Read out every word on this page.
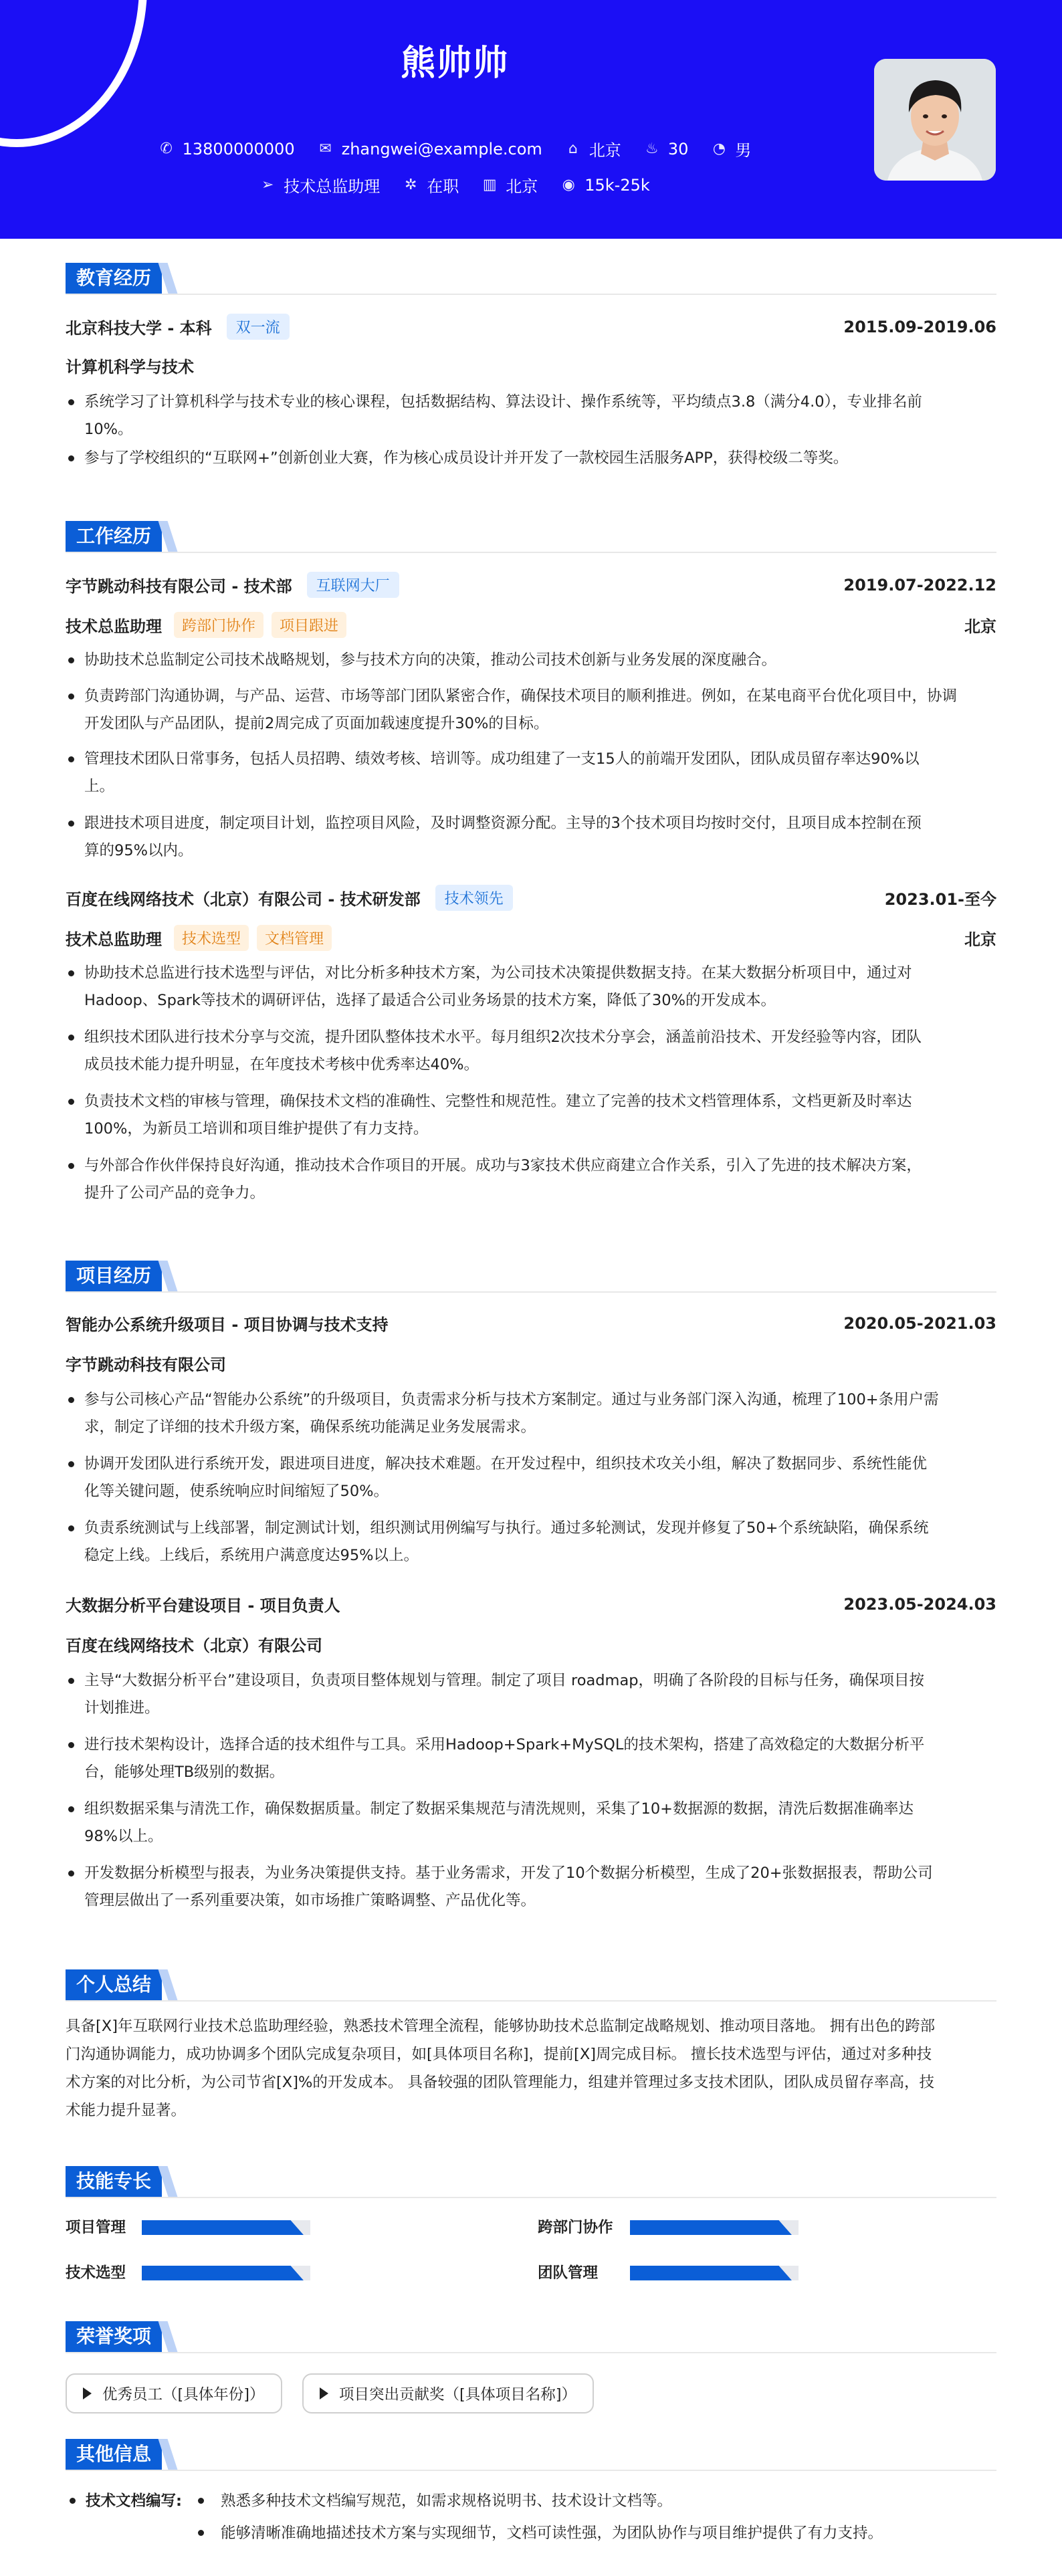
熊帅帅
✆ 13800000000 ✉ zhangwei@example.com ⌂ 北京 ♨ 30 ◔ 男
➢ 技术总监助理 ✲ 在职 ▥ 北京 ◉ 15k-25k
教育经历
北京科技大学 - 本科	双一流	2015.09-2019.06
计算机科学与技术
系统学习了计算机科学与技术专业的核心课程，包括数据结构、算法设计、操作系统等，平均绩点3.8（满分4.0），专业排名前
10%。
参与了学校组织的“互联网+”创新创业大赛，作为核心成员设计并开发了一款校园生活服务APP，获得校级二等奖。
工作经历
字节跳动科技有限公司 - 技术部	互联网大厂	2019.07-2022.12
技术总监助理	跨部门协作	项目跟进	北京
协助技术总监制定公司技术战略规划，参与技术方向的决策，推动公司技术创新与业务发展的深度融合。
负责跨部门沟通协调，与产品、运营、市场等部门团队紧密合作，确保技术项目的顺利推进。例如，在某电商平台优化项目中，协调
开发团队与产品团队，提前2周完成了页面加载速度提升30%的目标。
管理技术团队日常事务，包括人员招聘、绩效考核、培训等。成功组建了一支15人的前端开发团队，团队成员留存率达90%以
上。
跟进技术项目进度，制定项目计划，监控项目风险，及时调整资源分配。主导的3个技术项目均按时交付，且项目成本控制在预
算的95%以内。
百度在线网络技术（北京）有限公司 - 技术研发部	技术领先	2023.01-至今
技术总监助理	技术选型	文档管理	北京
协助技术总监进行技术选型与评估，对比分析多种技术方案，为公司技术决策提供数据支持。在某大数据分析项目中，通过对
Hadoop、Spark等技术的调研评估，选择了最适合公司业务场景的技术方案，降低了30%的开发成本。
组织技术团队进行技术分享与交流，提升团队整体技术水平。每月组织2次技术分享会，涵盖前沿技术、开发经验等内容，团队
成员技术能力提升明显，在年度技术考核中优秀率达40%。
负责技术文档的审核与管理，确保技术文档的准确性、完整性和规范性。建立了完善的技术文档管理体系，文档更新及时率达
100%，为新员工培训和项目维护提供了有力支持。
与外部合作伙伴保持良好沟通，推动技术合作项目的开展。成功与3家技术供应商建立合作关系，引入了先进的技术解决方案，
提升了公司产品的竞争力。
项目经历
智能办公系统升级项目 - 项目协调与技术支持	2020.05-2021.03
字节跳动科技有限公司
参与公司核心产品“智能办公系统”的升级项目，负责需求分析与技术方案制定。通过与业务部门深入沟通，梳理了100+条用户需
求，制定了详细的技术升级方案，确保系统功能满足业务发展需求。
协调开发团队进行系统开发，跟进项目进度，解决技术难题。在开发过程中，组织技术攻关小组，解决了数据同步、系统性能优
化等关键问题，使系统响应时间缩短了50%。
负责系统测试与上线部署，制定测试计划，组织测试用例编写与执行。通过多轮测试，发现并修复了50+个系统缺陷，确保系统
稳定上线。上线后，系统用户满意度达95%以上。
大数据分析平台建设项目 - 项目负责人	2023.05-2024.03
百度在线网络技术（北京）有限公司
主导“大数据分析平台”建设项目，负责项目整体规划与管理。制定了项目 roadmap，明确了各阶段的目标与任务，确保项目按
计划推进。
进行技术架构设计，选择合适的技术组件与工具。采用Hadoop+Spark+MySQL的技术架构，搭建了高效稳定的大数据分析平
台，能够处理TB级别的数据。
组织数据采集与清洗工作，确保数据质量。制定了数据采集规范与清洗规则，采集了10+数据源的数据，清洗后数据准确率达
98%以上。
开发数据分析模型与报表，为业务决策提供支持。基于业务需求，开发了10个数据分析模型，生成了20+张数据报表，帮助公司
管理层做出了一系列重要决策，如市场推广策略调整、产品优化等。
个人总结
具备[X]年互联网行业技术总监助理经验，熟悉技术管理全流程，能够协助技术总监制定战略规划、推动项目落地。 拥有出色的跨部
门沟通协调能力，成功协调多个团队完成复杂项目，如[具体项目名称]，提前[X]周完成目标。 擅长技术选型与评估，通过对多种技
术方案的对比分析，为公司节省[X]%的开发成本。 具备较强的团队管理能力，组建并管理过多支技术团队，团队成员留存率高，技
术能力提升显著。
技能专长
项目管理	跨部门协作
技术选型	团队管理
荣誉奖项
优秀员工（[具体年份]）	项目突出贡献奖（[具体项目名称]）
其他信息
技术文档编写:	熟悉多种技术文档编写规范，如需求规格说明书、技术设计文档等。
能够清晰准确地描述技术方案与实现细节，文档可读性强，为团队协作与项目维护提供了有力支持。
